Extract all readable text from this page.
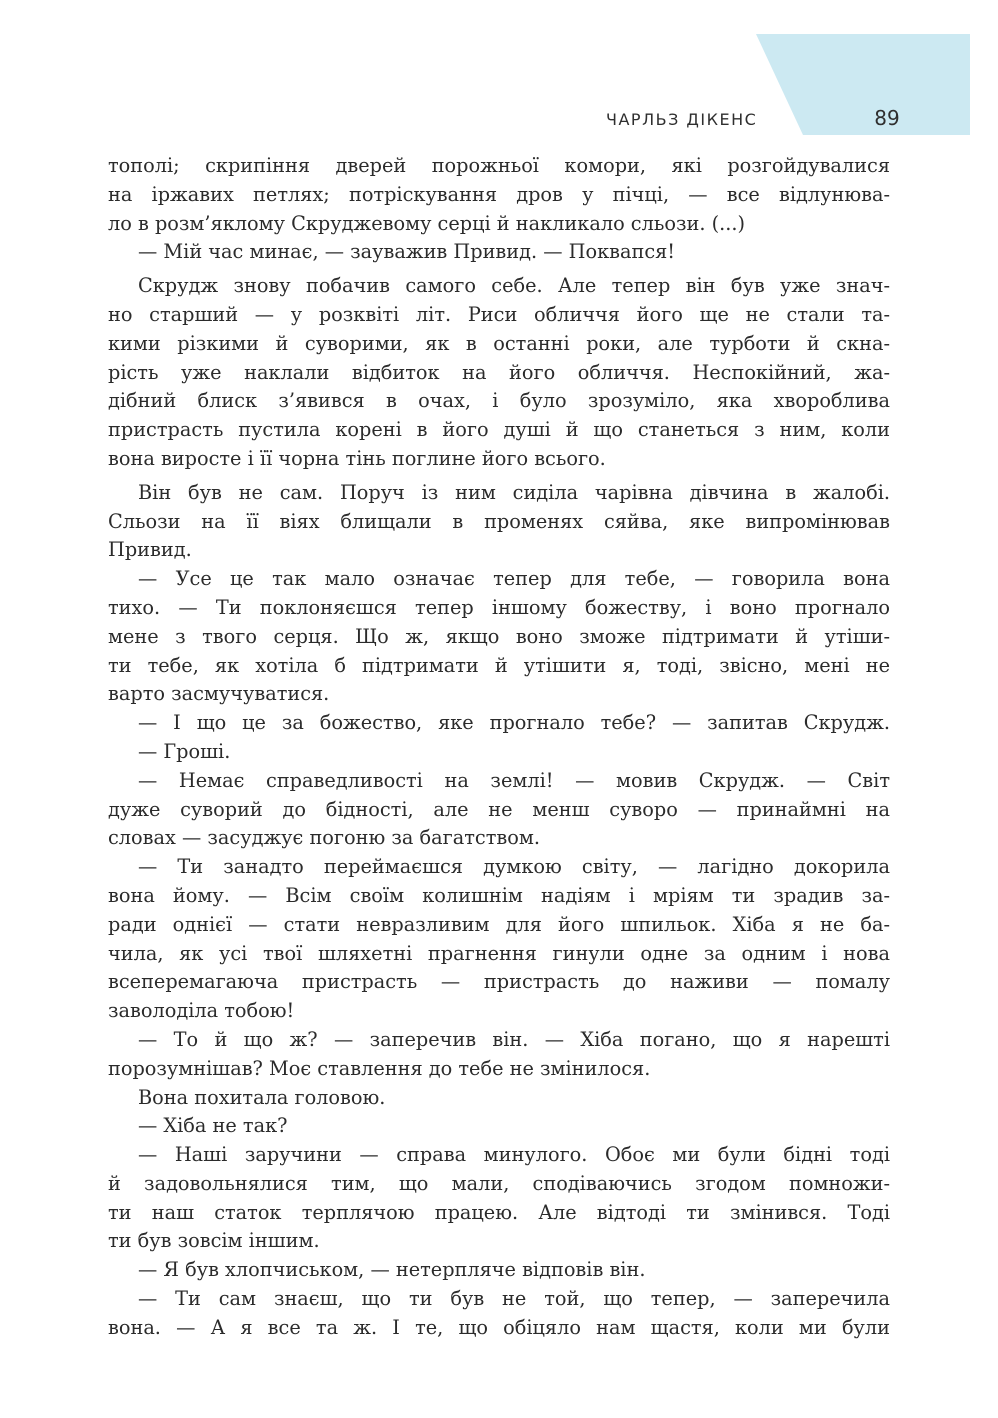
ЧАРЛЬЗ ДІКЕНС	89
тополі; скрипіння дверей порожньої комори, які розгойдувалися
на іржавих петлях; потріскування дров у пічці, — все відлунюва-
ло в розм’яклому Скруджевому серці й накликало сльози. (...)
— Мій час минає, — зауважив Привид. — Поквапся!
Скрудж знову побачив самого себе. Але тепер він був уже знач-
но старший — у розквіті літ. Риси обличчя його ще не стали та-
кими різкими й суворими, як в останні роки, але турботи й скна-
рість уже наклали відбиток на його обличчя. Неспокійний, жа-
дібний блиск з’явився в очах, і було зрозуміло, яка хвороблива
пристрасть пустила корені в його душі й що станеться з ним, коли
вона виросте і її чорна тінь поглине його всього.
Він був не сам. Поруч із ним сиділа чарівна дівчина в жалобі.
Сльози на її віях блищали в променях сяйва, яке випромінював
Привид.
— Усе це так мало означає тепер для тебе, — говорила вона
тихо. — Ти поклоняєшся тепер іншому божеству, і воно прогнало
мене з твого серця. Що ж, якщо воно зможе підтримати й утіши-
ти тебе, як хотіла б підтримати й утішити я, тоді, звісно, мені не
варто засмучуватися.
— І що це за божество, яке прогнало тебе? — запитав Скрудж.
— Гроші.
— Немає справедливості на землі! — мовив Скрудж. — Світ
дуже суворий до бідності, але не менш суворо — принаймні на
словах — засуджує погоню за багатством.
— Ти занадто переймаєшся думкою світу, — лагідно докорила
вона йому. — Всім своїм колишнім надіям і мріям ти зрадив за-
ради однієї — стати невразливим для його шпильок. Хіба я не ба-
чила, як усі твої шляхетні прагнення гинули одне за одним і нова
всеперемагаюча пристрасть — пристрасть до наживи — помалу
заволоділа тобою!
— То й що ж? — заперечив він. — Хіба погано, що я нарешті
порозумнішав? Моє ставлення до тебе не змінилося.
Вона похитала головою.
— Хіба не так?
— Наші заручини — справа минулого. Обоє ми були бідні тоді
й задовольнялися тим, що мали, сподіваючись згодом помножи-
ти наш статок терплячою працею. Але відтоді ти змінився. Тоді
ти був зовсім іншим.
— Я був хлопчиськом, — нетерпляче відповів він.
— Ти сам знаєш, що ти був не той, що тепер, — заперечила
вона. — А я все та ж. І те, що обіцяло нам щастя, коли ми були
